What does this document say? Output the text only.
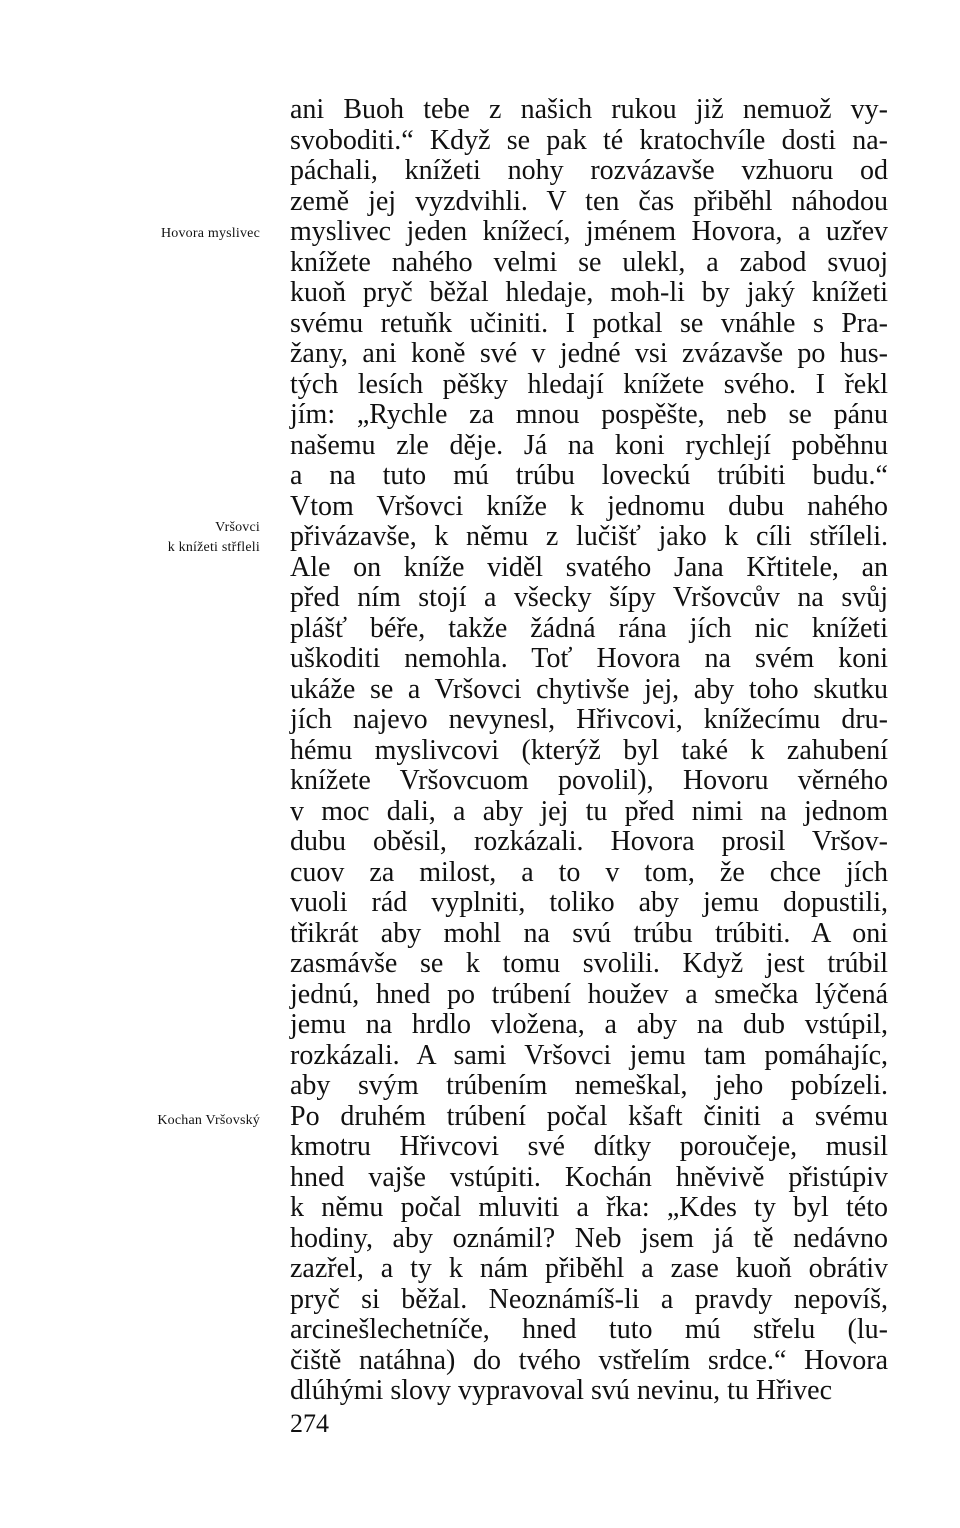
Hovora myslivec
Vršovci
k knížeti střfleli
Kochan Vršovský
ani Buoh tebe z našich rukou již nemuož vy-
svoboditi.“ Když se pak té kratochvíle dosti na-
páchali, knížeti nohy rozvázavše vzhuoru od
země jej vyzdvihli. V ten čas přiběhl náhodou
myslivec jeden knížecí, jménem Hovora, a uzřev
knížete nahého velmi se ulekl, a zabod svuoj
kuoň pryč běžal hledaje, moh-li by jaký knížeti
svému retuňk učiniti. I potkal se vnáhle s Pra-
žany, ani koně své v jedné vsi zvázavše po hus-
tých lesích pěšky hledají knížete svého. I řekl
jím: „Rychle za mnou pospěšte, neb se pánu
našemu zle děje. Já na koni rychlejí poběhnu
a na tuto mú trúbu loveckú trúbiti budu.“
Vtom Vršovci kníže k jednomu dubu nahého
přivázavše, k němu z lučišť jako k cíli stříleli.
Ale on kníže viděl svatého Jana Křtitele, an
před ním stojí a všecky šípy Vršovcův na svůj
plášť béře, takže žádná rána jích nic knížeti
uškoditi nemohla. Toť Hovora na svém koni
ukáže se a Vršovci chytivše jej, aby toho skutku
jích najevo nevynesl, Hřivcovi, knížecímu dru-
hému myslivcovi (kterýž byl také k zahubení
knížete Vršovcuom povolil), Hovoru věrného
v moc dali, a aby jej tu před nimi na jednom
dubu oběsil, rozkázali. Hovora prosil Vršov-
cuov za milost, a to v tom, že chce jích
vuoli rád vyplniti, toliko aby jemu dopustili,
třikrát aby mohl na svú trúbu trúbiti. A oni
zasmávše se k tomu svolili. Když jest trúbil
jednú, hned po trúbení houžev a smečka lýčená
jemu na hrdlo vložena, a aby na dub vstúpil,
rozkázali. A sami Vršovci jemu tam pomáhajíc,
aby svým trúbením nemeškal, jeho pobízeli.
Po druhém trúbení počal kšaft činiti a svému
kmotru Hřivcovi své dítky poroučeje, musil
hned vajše vstúpiti. Kochán hněvivě přistúpiv
k němu počal mluviti a řka: „Kdes ty byl této
hodiny, aby oznámil? Neb jsem já tě nedávno
zazřel, a ty k nám přiběhl a zase kuoň obrátiv
pryč si běžal. Neoznámíš-li a pravdy nepovíš,
arcinešlechetníče, hned tuto mú střelu (lu-
čiště natáhna) do tvého vstřelím srdce.“ Hovora
dlúhými slovy vypravoval svú nevinu, tu Hřivec
274
